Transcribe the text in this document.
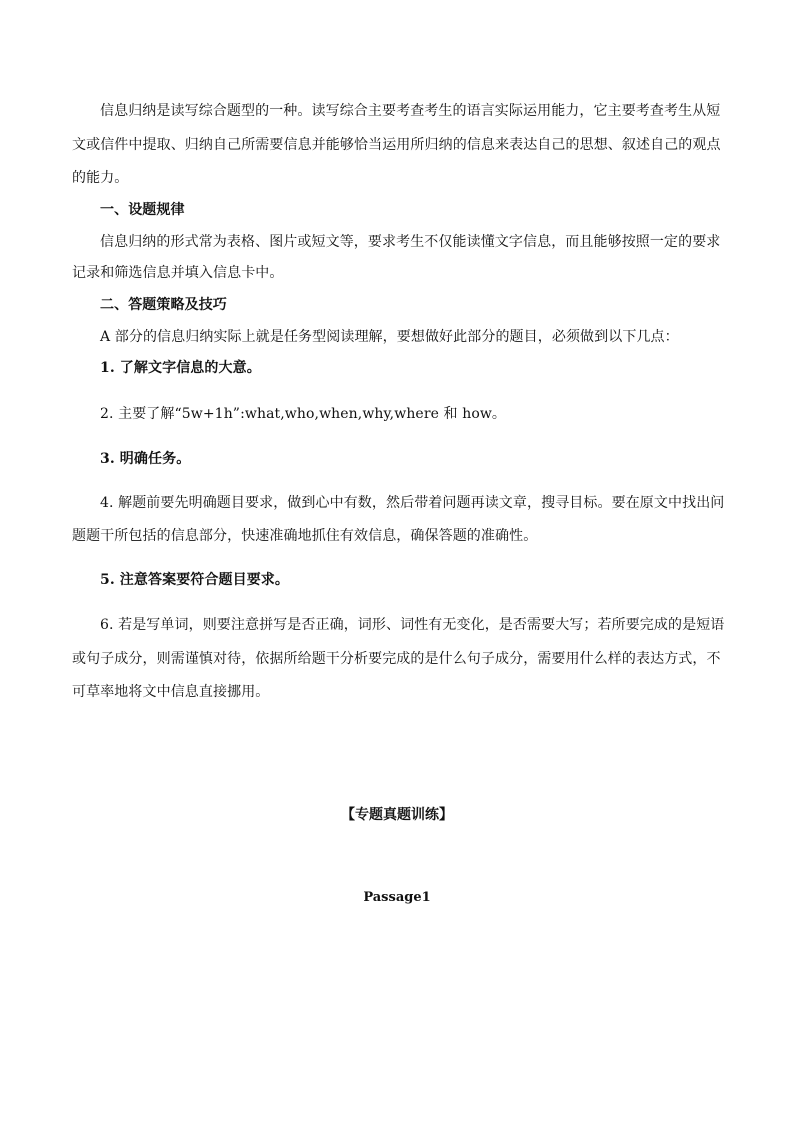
信息归纳是读写综合题型的一种。读写综合主要考查考生的语言实际运用能力，它主要考查考生从短
文或信件中提取、归纳自己所需要信息并能够恰当运用所归纳的信息来表达自己的思想、叙述自己的观点
的能力。
一、设题规律
信息归纳的形式常为表格、图片或短文等，要求考生不仅能读懂文字信息，而且能够按照一定的要求
记录和筛选信息并填入信息卡中。
二、答题策略及技巧
A 部分的信息归纳实际上就是任务型阅读理解，要想做好此部分的题目，必须做到以下几点：
1. 了解文字信息的大意。
2. 主要了解“5w+1h”:what,who,when,why,where 和 how。
3. 明确任务。
4. 解题前要先明确题目要求，做到心中有数，然后带着问题再读文章，搜寻目标。要在原文中找出问
题题干所包括的信息部分，快速准确地抓住有效信息，确保答题的准确性。
5. 注意答案要符合题目要求。
6. 若是写单词，则要注意拼写是否正确，词形、词性有无变化，是否需要大写；若所要完成的是短语
或句子成分，则需谨慎对待，依据所给题干分析要完成的是什么句子成分，需要用什么样的表达方式，不
可草率地将文中信息直接挪用。
【专题真题训练】
Passage1
